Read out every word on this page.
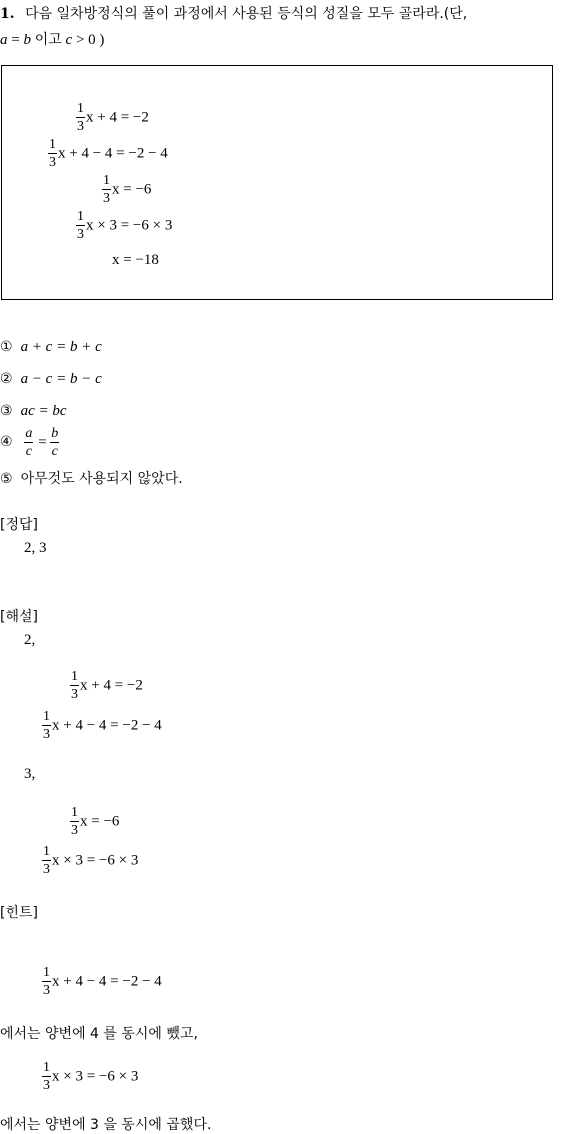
1. 다음 일차방정식의 풀이 과정에서 사용된 등식의 성질을 모두 골라라.(단,
a = b 이고 c > 0 )
$\frac{1}{3}$ x + 4 = −2
$\frac{1}{3}$ x + 4 − 4 = −2 − 4
$\frac{1}{3}$ x = −6
$\frac{1}{3}$ x × 3 = −6 × 3
x = −18
① a + c = b + c
② a − c = b − c
③ ac = bc
④ $\frac{a}{c} = \frac{b}{c}$
⑤ 아무것도 사용되지 않았다.
[정답]
2, 3
[해설]
2,
$\frac{1}{3}$ x + 4 = −2
$\frac{1}{3}$ x + 4 − 4 = −2 − 4
3,
$\frac{1}{3}$ x = −6
$\frac{1}{3}$ x × 3 = −6 × 3
[힌트]
$\frac{1}{3}$ x + 4 − 4 = −2 − 4
에서는 양변에 4 를 동시에 뺐고,
$\frac{1}{3}$ x × 3 = −6 × 3
에서는 양변에 3 을 동시에 곱했다.
